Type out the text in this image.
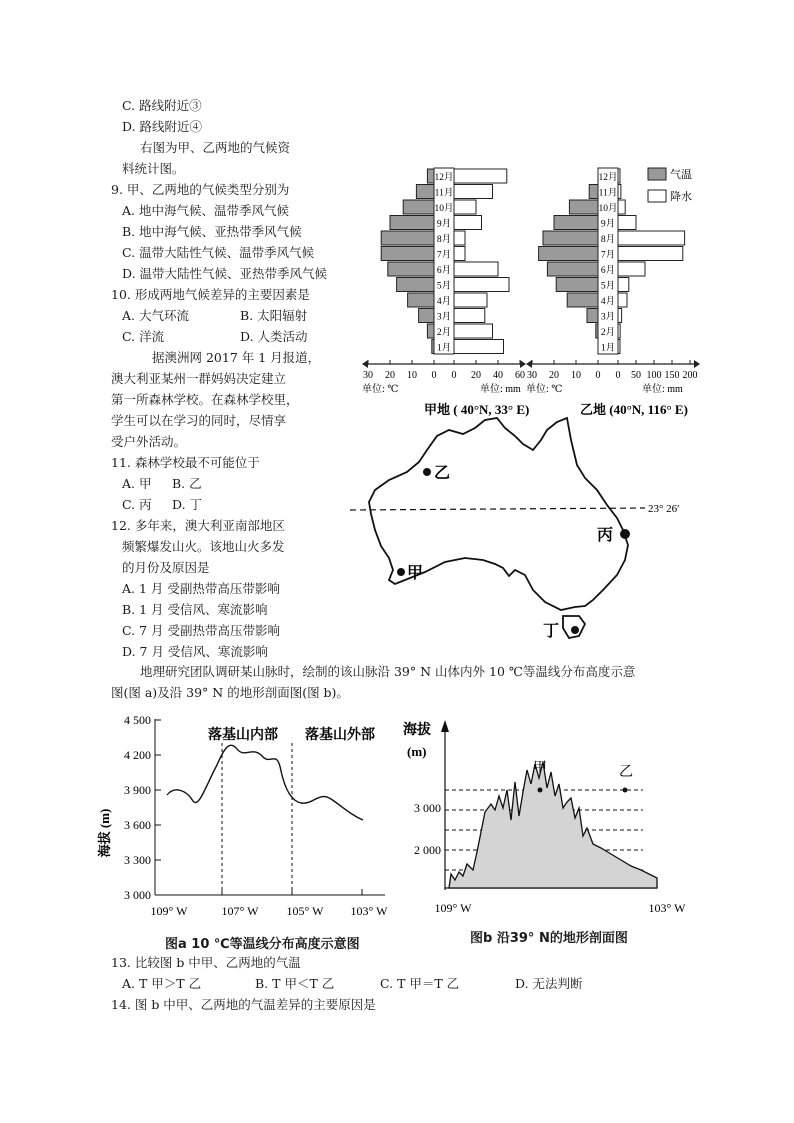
C. 路线附近③
D. 路线附近④
右图为甲、乙两地的气候资
料统计图。
9. 甲、乙两地的气候类型分别为
A. 地中海气候、温带季风气候
B. 地中海气候、亚热带季风气候
C. 温带大陆性气候、温带季风气候
D. 温带大陆性气候、亚热带季风气候
10. 形成两地气候差异的主要因素是
A. 大气环流	B. 太阳辐射
C. 洋流	D. 人类活动
据澳洲网 2017 年 1 月报道，
澳大利亚某州一群妈妈决定建立
第一所森林学校。在森林学校里，
学生可以在学习的同时，尽情享
受户外活动。
11. 森林学校最不可能位于
A. 甲 B. 乙
C. 丙 D. 丁
12. 多年来，澳大利亚南部地区
频繁爆发山火。该地山火多发
的月份及原因是
A. 1 月 受副热带高压带影响
B. 1 月 受信风、寒流影响
C. 7 月 受副热带高压带影响
D. 7 月 受信风、寒流影响
地理研究团队调研某山脉时，绘制的该山脉沿 39° N 山体内外 10 ℃等温线分布高度示意
图(图 a)及沿 39° N 的地形剖面图(图 b)。
1月
2月
3月
4月
5月
6月
7月
8月
9月
10月
11月
12月
30 20 10 0 0 20 40 60
单位: ℃	单位: mm
甲地 ( 40°N, 33° E)
1月
2月
3月
4月
5月
6月
7月
8月
9月
10月
11月
12月
30 20 10 0 0 50 100 150 200
单位: ℃	单位: mm
乙地 (40°N, 116° E)
气温
降水
23° 26′
乙
丙
甲
丁
海拔 (m)
4 500
4 200
3 900
3 600
3 300
3 000
落基山内部 落基山外部
109° W	107° W 105° W 103° W
图a 10 ℃等温线分布高度示意图
海拔
(m)
3 000
2 000
甲	乙
109° W	103° W
图b 沿39° N的地形剖面图
13. 比较图 b 中甲、乙两地的气温
A. T 甲＞T 乙	B. T 甲＜T 乙	C. T 甲＝T 乙	D. 无法判断
14. 图 b 中甲、乙两地的气温差异的主要原因是
